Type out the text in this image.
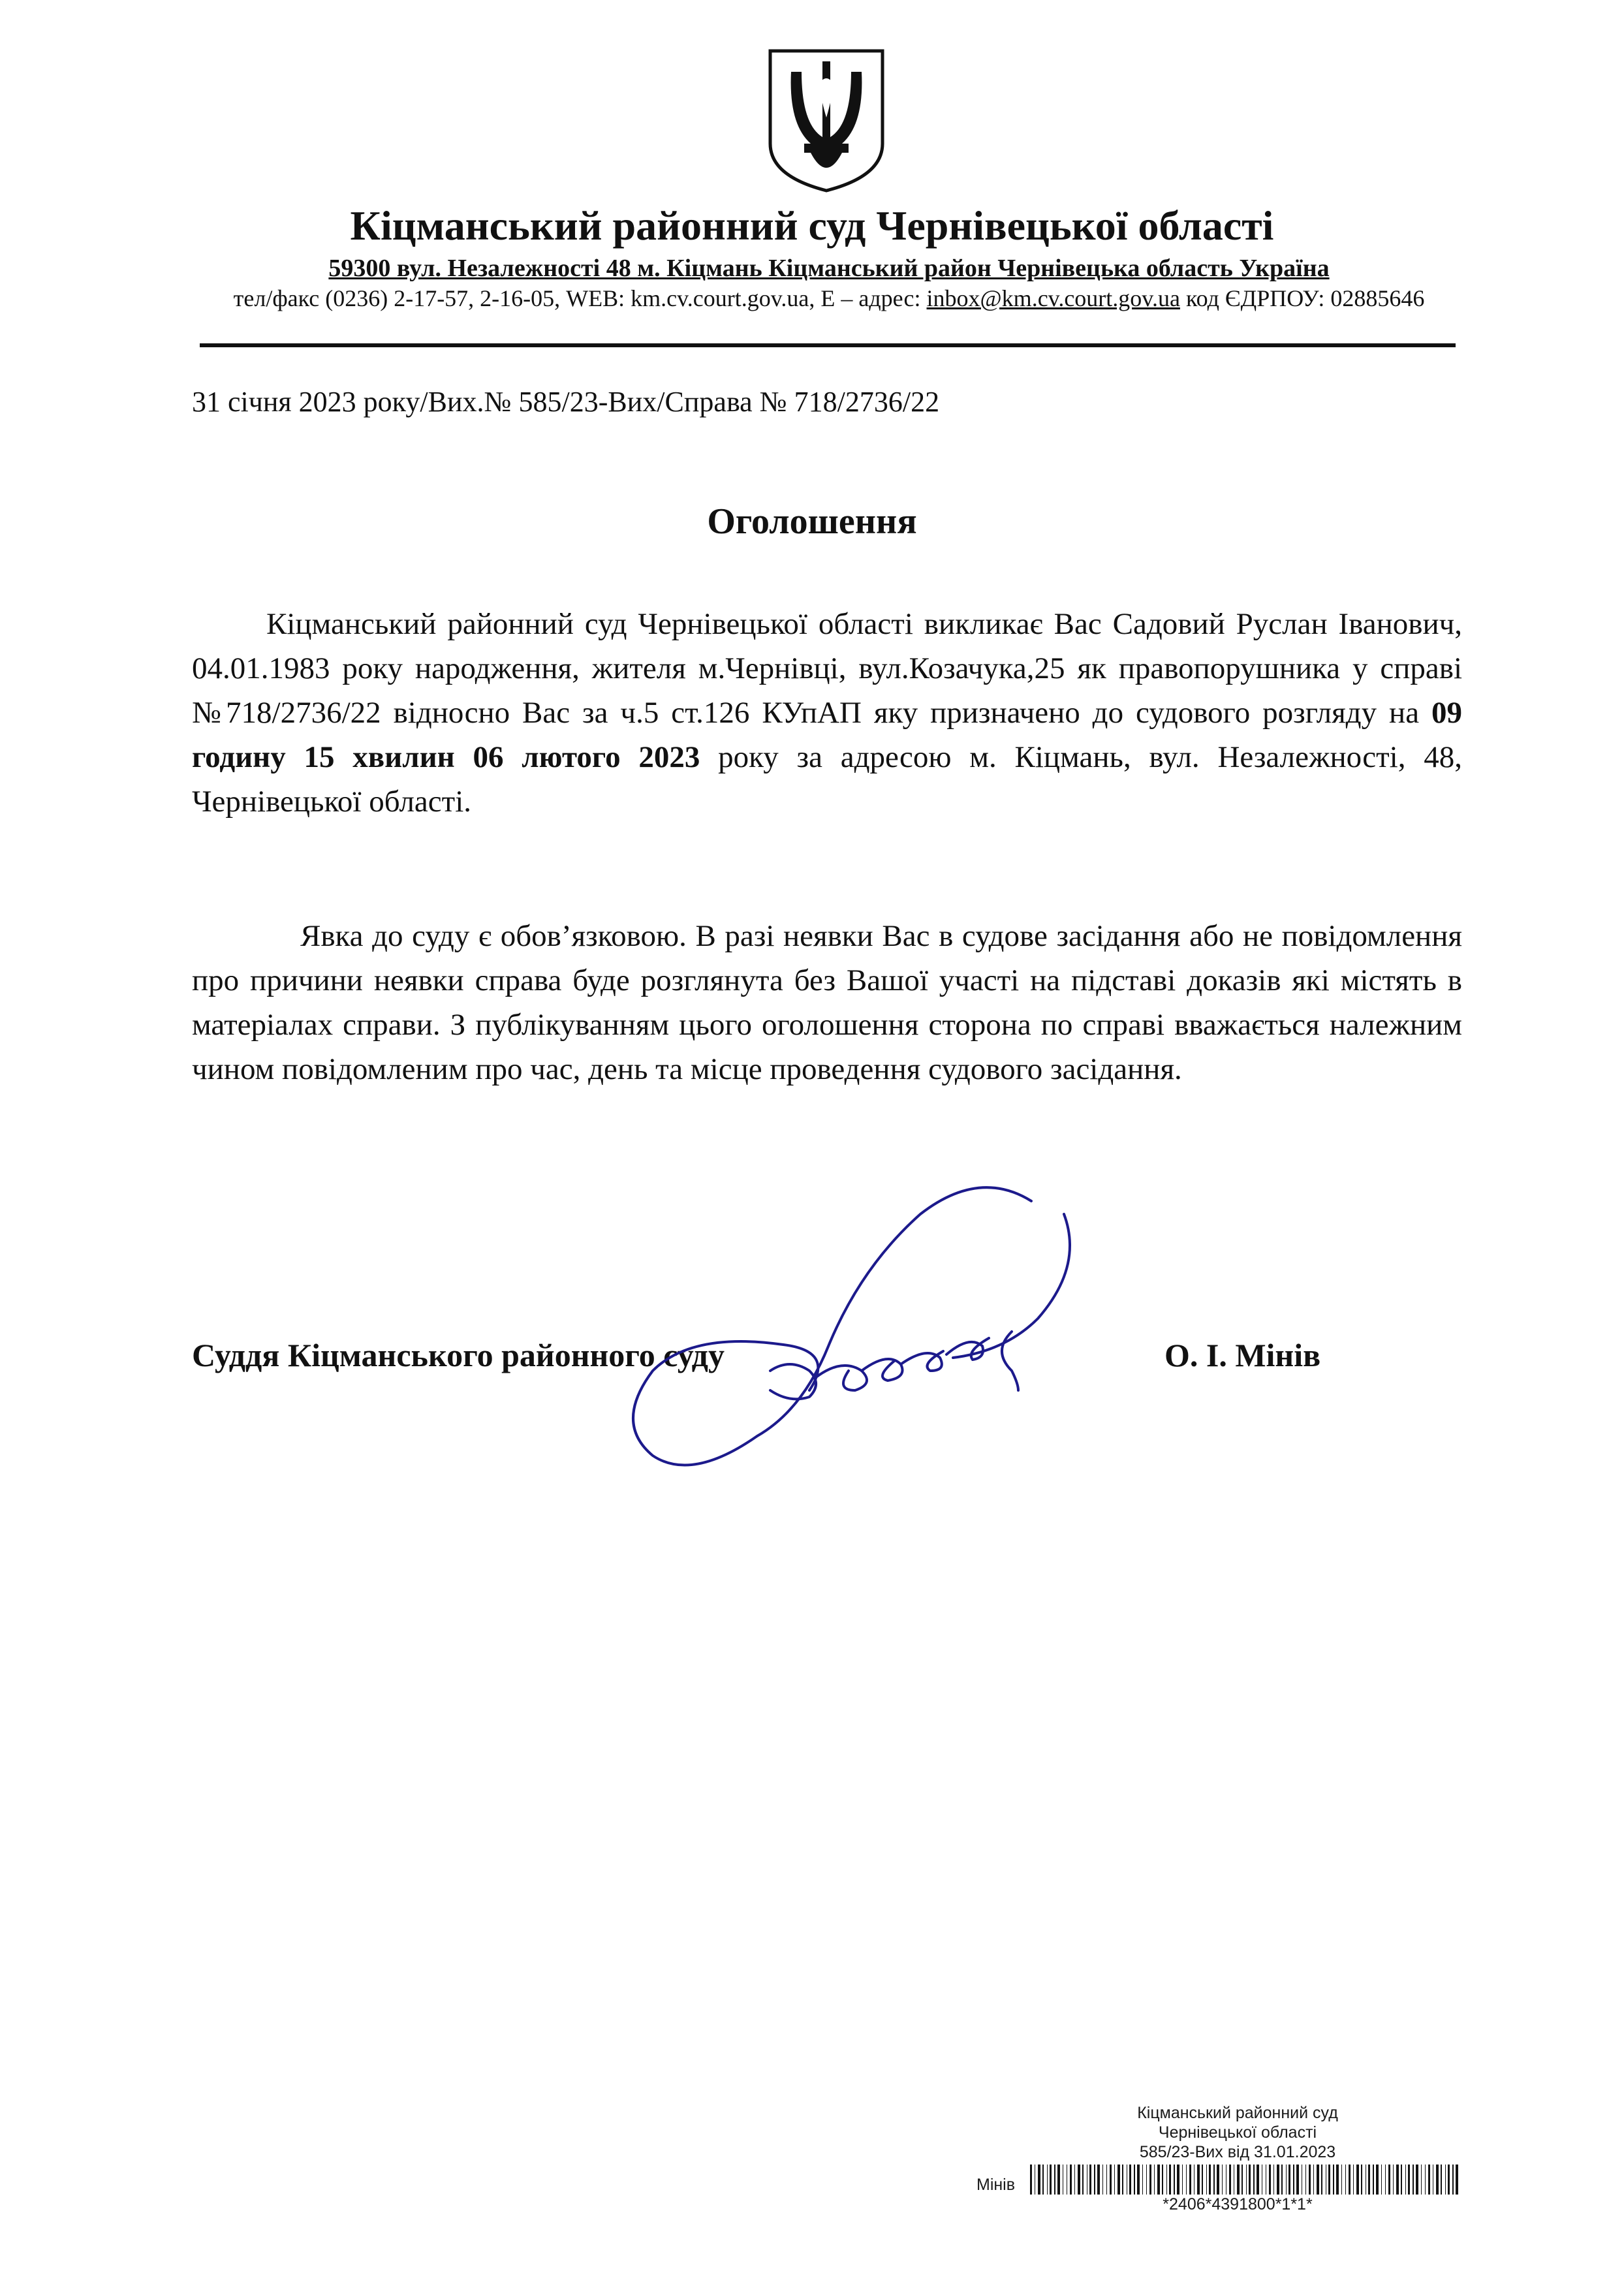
Кіцманський районний суд Чернівецької області
59300 вул. Незалежності 48 м. Кіцмань Кіцманський район Чернівецька область Україна
тел/факс (0236) 2-17-57, 2-16-05, WEB: km.cv.court.gov.ua, E – адрес: inbox@km.cv.court.gov.ua код ЄДРПОУ: 02885646
31 січня 2023 року/Вих.№ 585/23-Вих/Справа № 718/2736/22
Оголошення
Кіцманський районний суд Чернівецької області викликає Вас Садовий Руслан Іванович, 04.01.1983 року народження, жителя м.Чернівці, вул.Козачука,25 як правопорушника у справі №718/2736/22 відносно Вас за ч.5 ст.126 КУпАП яку призначено до судового розгляду на 09 годину 15 хвилин 06 лютого 2023 року за адресою м. Кіцмань, вул. Незалежності, 48, Чернівецької області.
Явка до суду є обов’язковою. В разі неявки Вас в судове засідання або не повідомлення про причини неявки справа буде розглянута без Вашої участі на підставі доказів які містять в матеріалах справи. З публікуванням цього оголошення сторона по справі вважається належним чином повідомленим про час, день та місце проведення судового засідання.
Суддя Кіцманського районного суду	О. І. Мінів
Кіцманський районний суд
Чернівецької області
585/23-Вих від 31.01.2023
Мінів
*2406*4391800*1*1*
